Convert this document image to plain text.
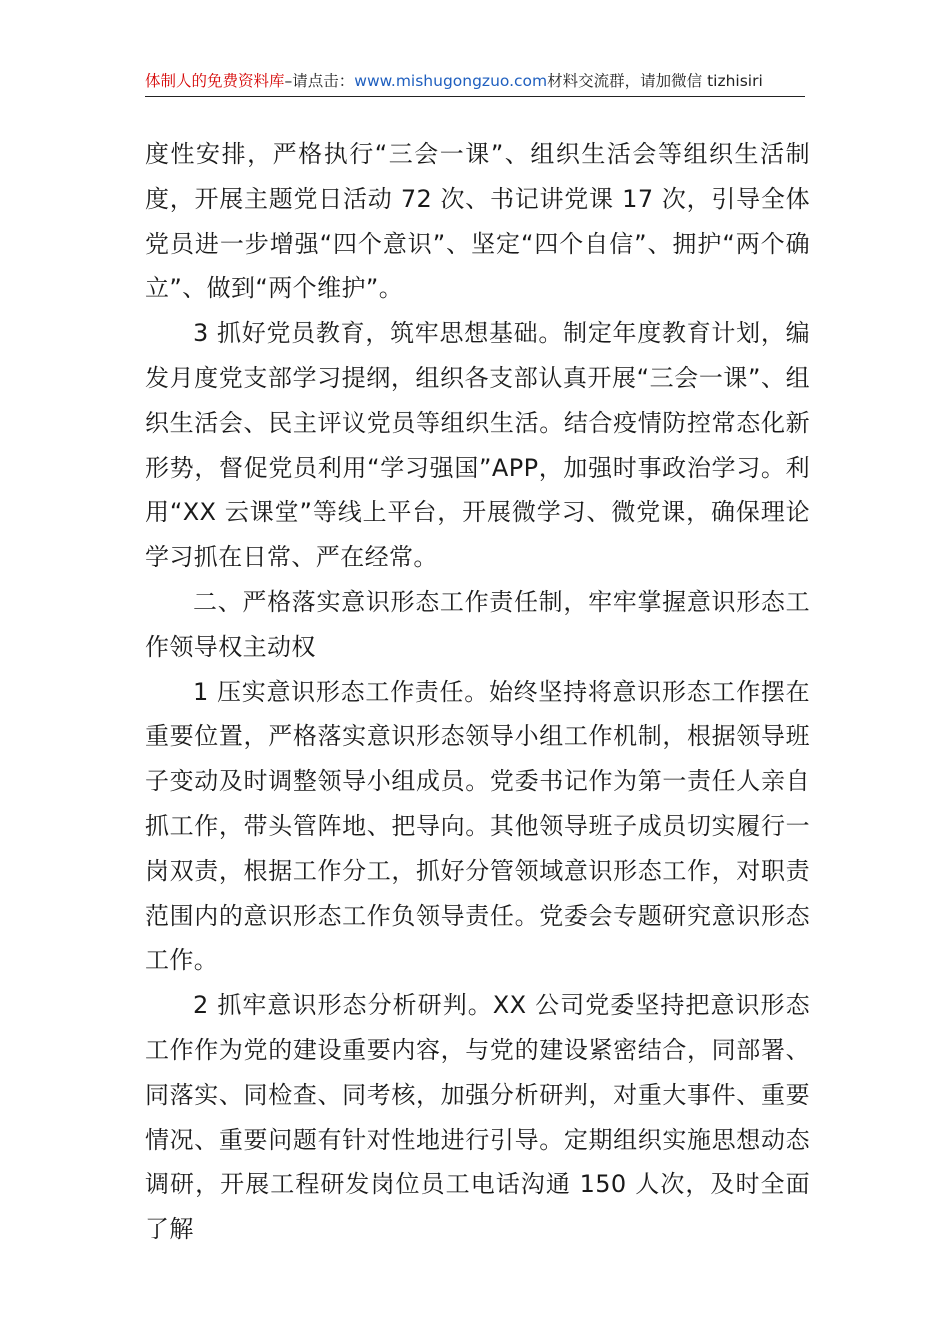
体制人的免费资料库–请点击：www.mishugongzuo.com材料交流群，请加微信 tizhisiri

度性安排，严格执行“三会一课”、组织生活会等组织生活制度，开展主题党日活动 72 次、书记讲党课 17 次，引导全体党员进一步增强“四个意识”、坚定“四个自信”、拥护“两个确立”、做到“两个维护”。

3 抓好党员教育，筑牢思想基础。制定年度教育计划，编发月度党支部学习提纲，组织各支部认真开展“三会一课”、组织生活会、民主评议党员等组织生活。结合疫情防控常态化新形势，督促党员利用“学习强国”APP，加强时事政治学习。利用“XX 云课堂”等线上平台，开展微学习、微党课，确保理论学习抓在日常、严在经常。

二、严格落实意识形态工作责任制，牢牢掌握意识形态工作领导权主动权

1 压实意识形态工作责任。始终坚持将意识形态工作摆在重要位置，严格落实意识形态领导小组工作机制，根据领导班子变动及时调整领导小组成员。党委书记作为第一责任人亲自抓工作，带头管阵地、把导向。其他领导班子成员切实履行一岗双责，根据工作分工，抓好分管领域意识形态工作，对职责范围内的意识形态工作负领导责任。党委会专题研究意识形态工作。

2 抓牢意识形态分析研判。XX 公司党委坚持把意识形态工作作为党的建设重要内容，与党的建设紧密结合，同部署、同落实、同检查、同考核，加强分析研判，对重大事件、重要情况、重要问题有针对性地进行引导。定期组织实施思想动态调研，开展工程研发岗位员工电话沟通 150 人次，及时全面了解
